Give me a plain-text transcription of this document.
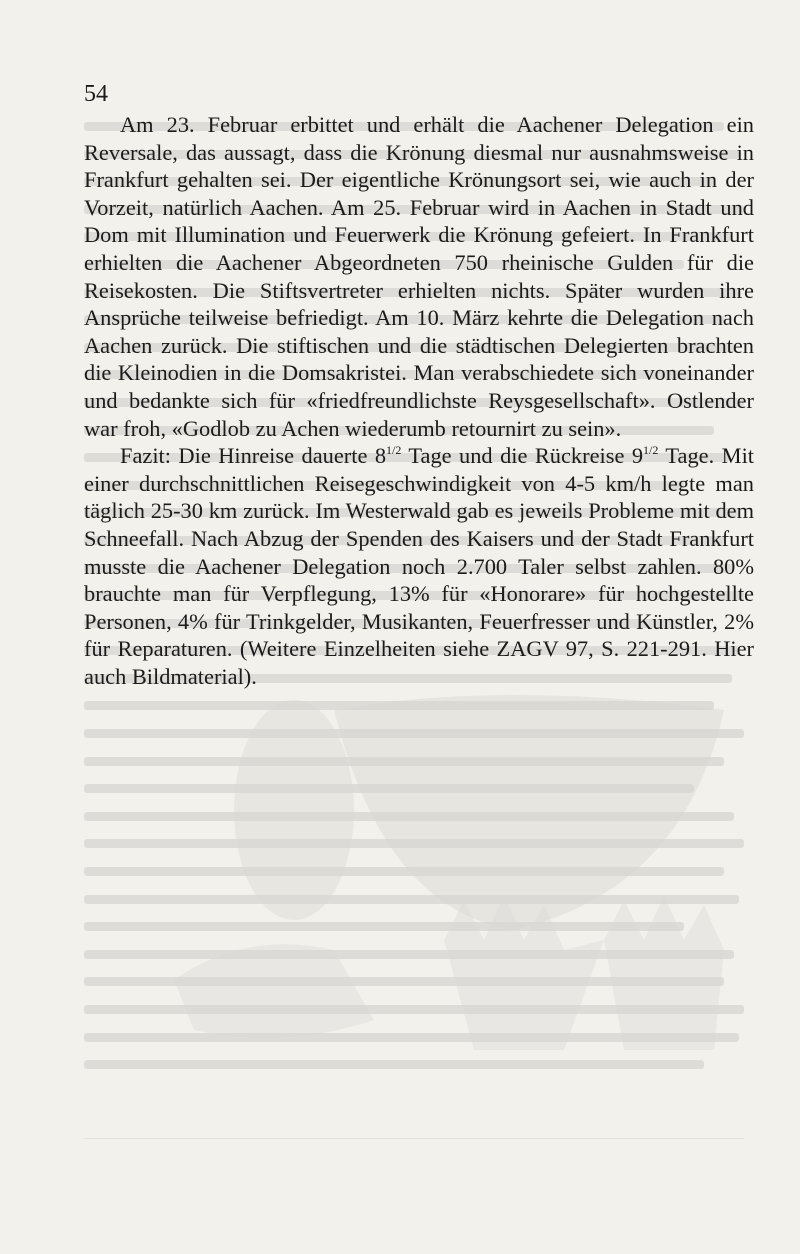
54

Am 23. Februar erbittet und erhält die Aachener Delegation ein Reversale, das aussagt, dass die Krönung diesmal nur ausnahmsweise in Frankfurt gehalten sei. Der eigentliche Krönungsort sei, wie auch in der Vorzeit, natürlich Aachen. Am 25. Februar wird in Aachen in Stadt und Dom mit Illumination und Feuerwerk die Krönung gefeiert. In Frankfurt erhielten die Aachener Abgeordneten 750 rheinische Gulden für die Reisekosten. Die Stiftsvertreter erhielten nichts. Später wurden ihre Ansprüche teilweise befriedigt. Am 10. März kehrte die Delegation nach Aachen zurück. Die stiftischen und die städtischen Delegierten brachten die Kleinodien in die Domsakristei. Man verabschiedete sich voneinander und bedankte sich für «friedfreundlichste Reysgesellschaft». Ostlender war froh, «Godlob zu Achen wiederumb retournirt zu sein».

Fazit: Die Hinreise dauerte $8^{1/2}$ Tage und die Rückreise $9^{1/2}$ Tage. Mit einer durchschnittlichen Reisegeschwindigkeit von 4-5 km/h legte man täglich 25-30 km zurück. Im Westerwald gab es jeweils Probleme mit dem Schneefall. Nach Abzug der Spenden des Kaisers und der Stadt Frankfurt musste die Aachener Delegation noch 2.700 Taler selbst zahlen. 80% brauchte man für Verpflegung, 13% für «Honorare» für hochgestellte Personen, 4% für Trinkgelder, Musikanten, Feuerfresser und Künstler, 2% für Reparaturen. (Weitere Einzelheiten siehe ZAGV 97, S. 221-291. Hier auch Bildmaterial).
